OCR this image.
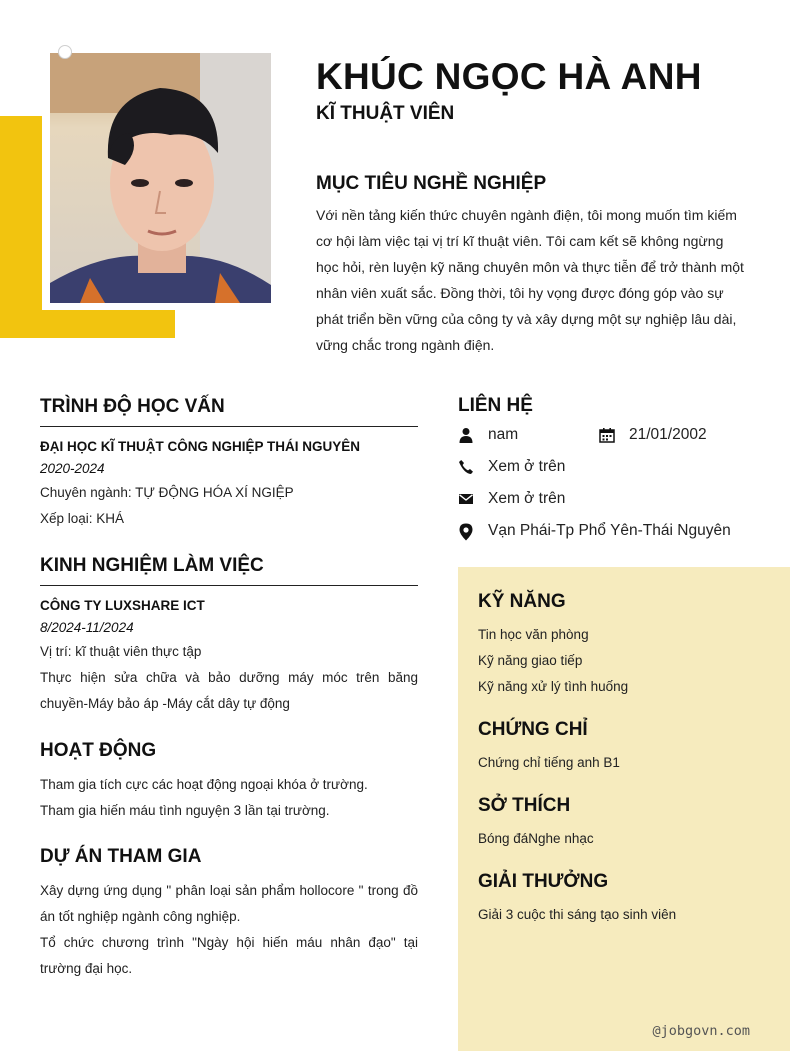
KHÚC NGỌC HÀ ANH
KĨ THUẬT VIÊN
MỤC TIÊU NGHỀ NGHIỆP
Với nền tảng kiến thức chuyên ngành điện, tôi mong muốn tìm kiếm cơ hội làm việc tại vị trí kĩ thuật viên. Tôi cam kết sẽ không ngừng học hỏi, rèn luyện kỹ năng chuyên môn và thực tiễn để trở thành một nhân viên xuất sắc. Đồng thời, tôi hy vọng được đóng góp vào sự phát triển bền vững của công ty và xây dựng một sự nghiệp lâu dài, vững chắc trong ngành điện.
TRÌNH ĐỘ HỌC VẤN
ĐẠI HỌC KĨ THUẬT CÔNG NGHIỆP THÁI NGUYÊN
2020-2024
Chuyên ngành: TỰ ĐỘNG HÓA XÍ NGIỆP
Xếp loại: KHÁ
KINH NGHIỆM LÀM VIỆC
CÔNG TY LUXSHARE ICT
8/2024-11/2024
Vị trí: kĩ thuật viên thực tập
Thực hiện sửa chữa và bảo dưỡng máy móc trên băng chuyền-Máy bảo áp -Máy cắt dây tự động
HOẠT ĐỘNG
Tham gia tích cực các hoạt động ngoại khóa ở trường.
Tham gia hiến máu tình nguyện 3 lần tại trường.
DỰ ÁN THAM GIA
Xây dựng ứng dụng " phân loại sản phẩm hollocore " trong đồ án tốt nghiệp ngành công nghiệp.
Tổ chức chương trình "Ngày hội hiến máu nhân đạo" tại trường đại học.
LIÊN HỆ
nam	21/01/2002
Xem ở trên
Xem ở trên
Vạn Phái-Tp Phổ Yên-Thái Nguyên
KỸ NĂNG
Tin học văn phòng
Kỹ năng giao tiếp
Kỹ năng xử lý tình huống
CHỨNG CHỈ
Chứng chỉ tiếng anh B1
SỞ THÍCH
Bóng đáNghe nhạc
GIẢI THƯỞNG
Giải 3 cuộc thi sáng tạo sinh viên
@jobgovn.com
